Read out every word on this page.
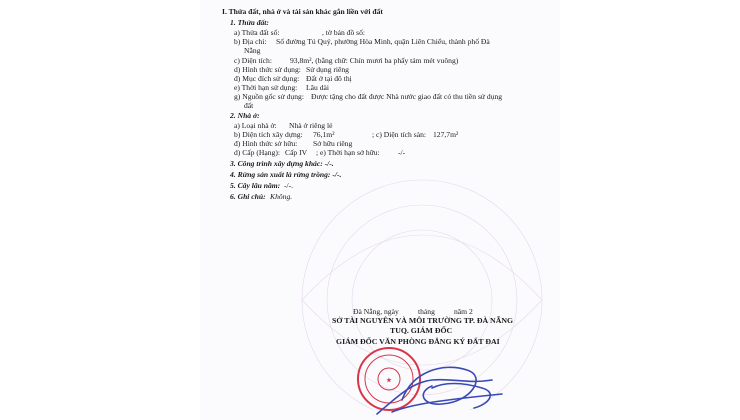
I. Thửa đất, nhà ở và tài sản khác gắn liền với đất
1. Thửa đất:
a) Thửa đất số:	, tờ bản đồ số:
b) Địa chỉ: Số đường Tú Quý, phường Hòa Minh, quận Liên Chiểu, thành phố Đà
Nẵng
c) Diện tích: 93,8m², (bằng chữ: Chín mươi ba phẩy tám mét vuông)
d) Hình thức sử dụng: Sử dụng riêng
đ) Mục đích sử dụng: Đất ở tại đô thị
e) Thời hạn sử dụng: Lâu dài
g) Nguồn gốc sử dụng: Được tặng cho đất được Nhà nước giao đất có thu tiền sử dụng
đất
2. Nhà ở:
a) Loại nhà ở: Nhà ở riêng lẻ
b) Diện tích xây dựng: 76,1m²	; c) Diện tích sàn: 127,7m²
đ) Hình thức sở hữu: Sở hữu riêng
d) Cấp (Hạng): Cấp IV ; e) Thời hạn sở hữu: -/-
3. Công trình xây dựng khác: -/-.
4. Rừng sản xuất là rừng trồng: -/-.
5. Cây lâu năm: -/-.
6. Ghi chú: Không.
Đà Nẵng, ngày	tháng	năm 2
SỞ TÀI NGUYÊN VÀ MÔI TRƯỜNG TP. ĐÀ NẴNG
TUQ. GIÁM ĐỐC
GIÁM ĐỐC VĂN PHÒNG ĐĂNG KÝ ĐẤT ĐAI
★
